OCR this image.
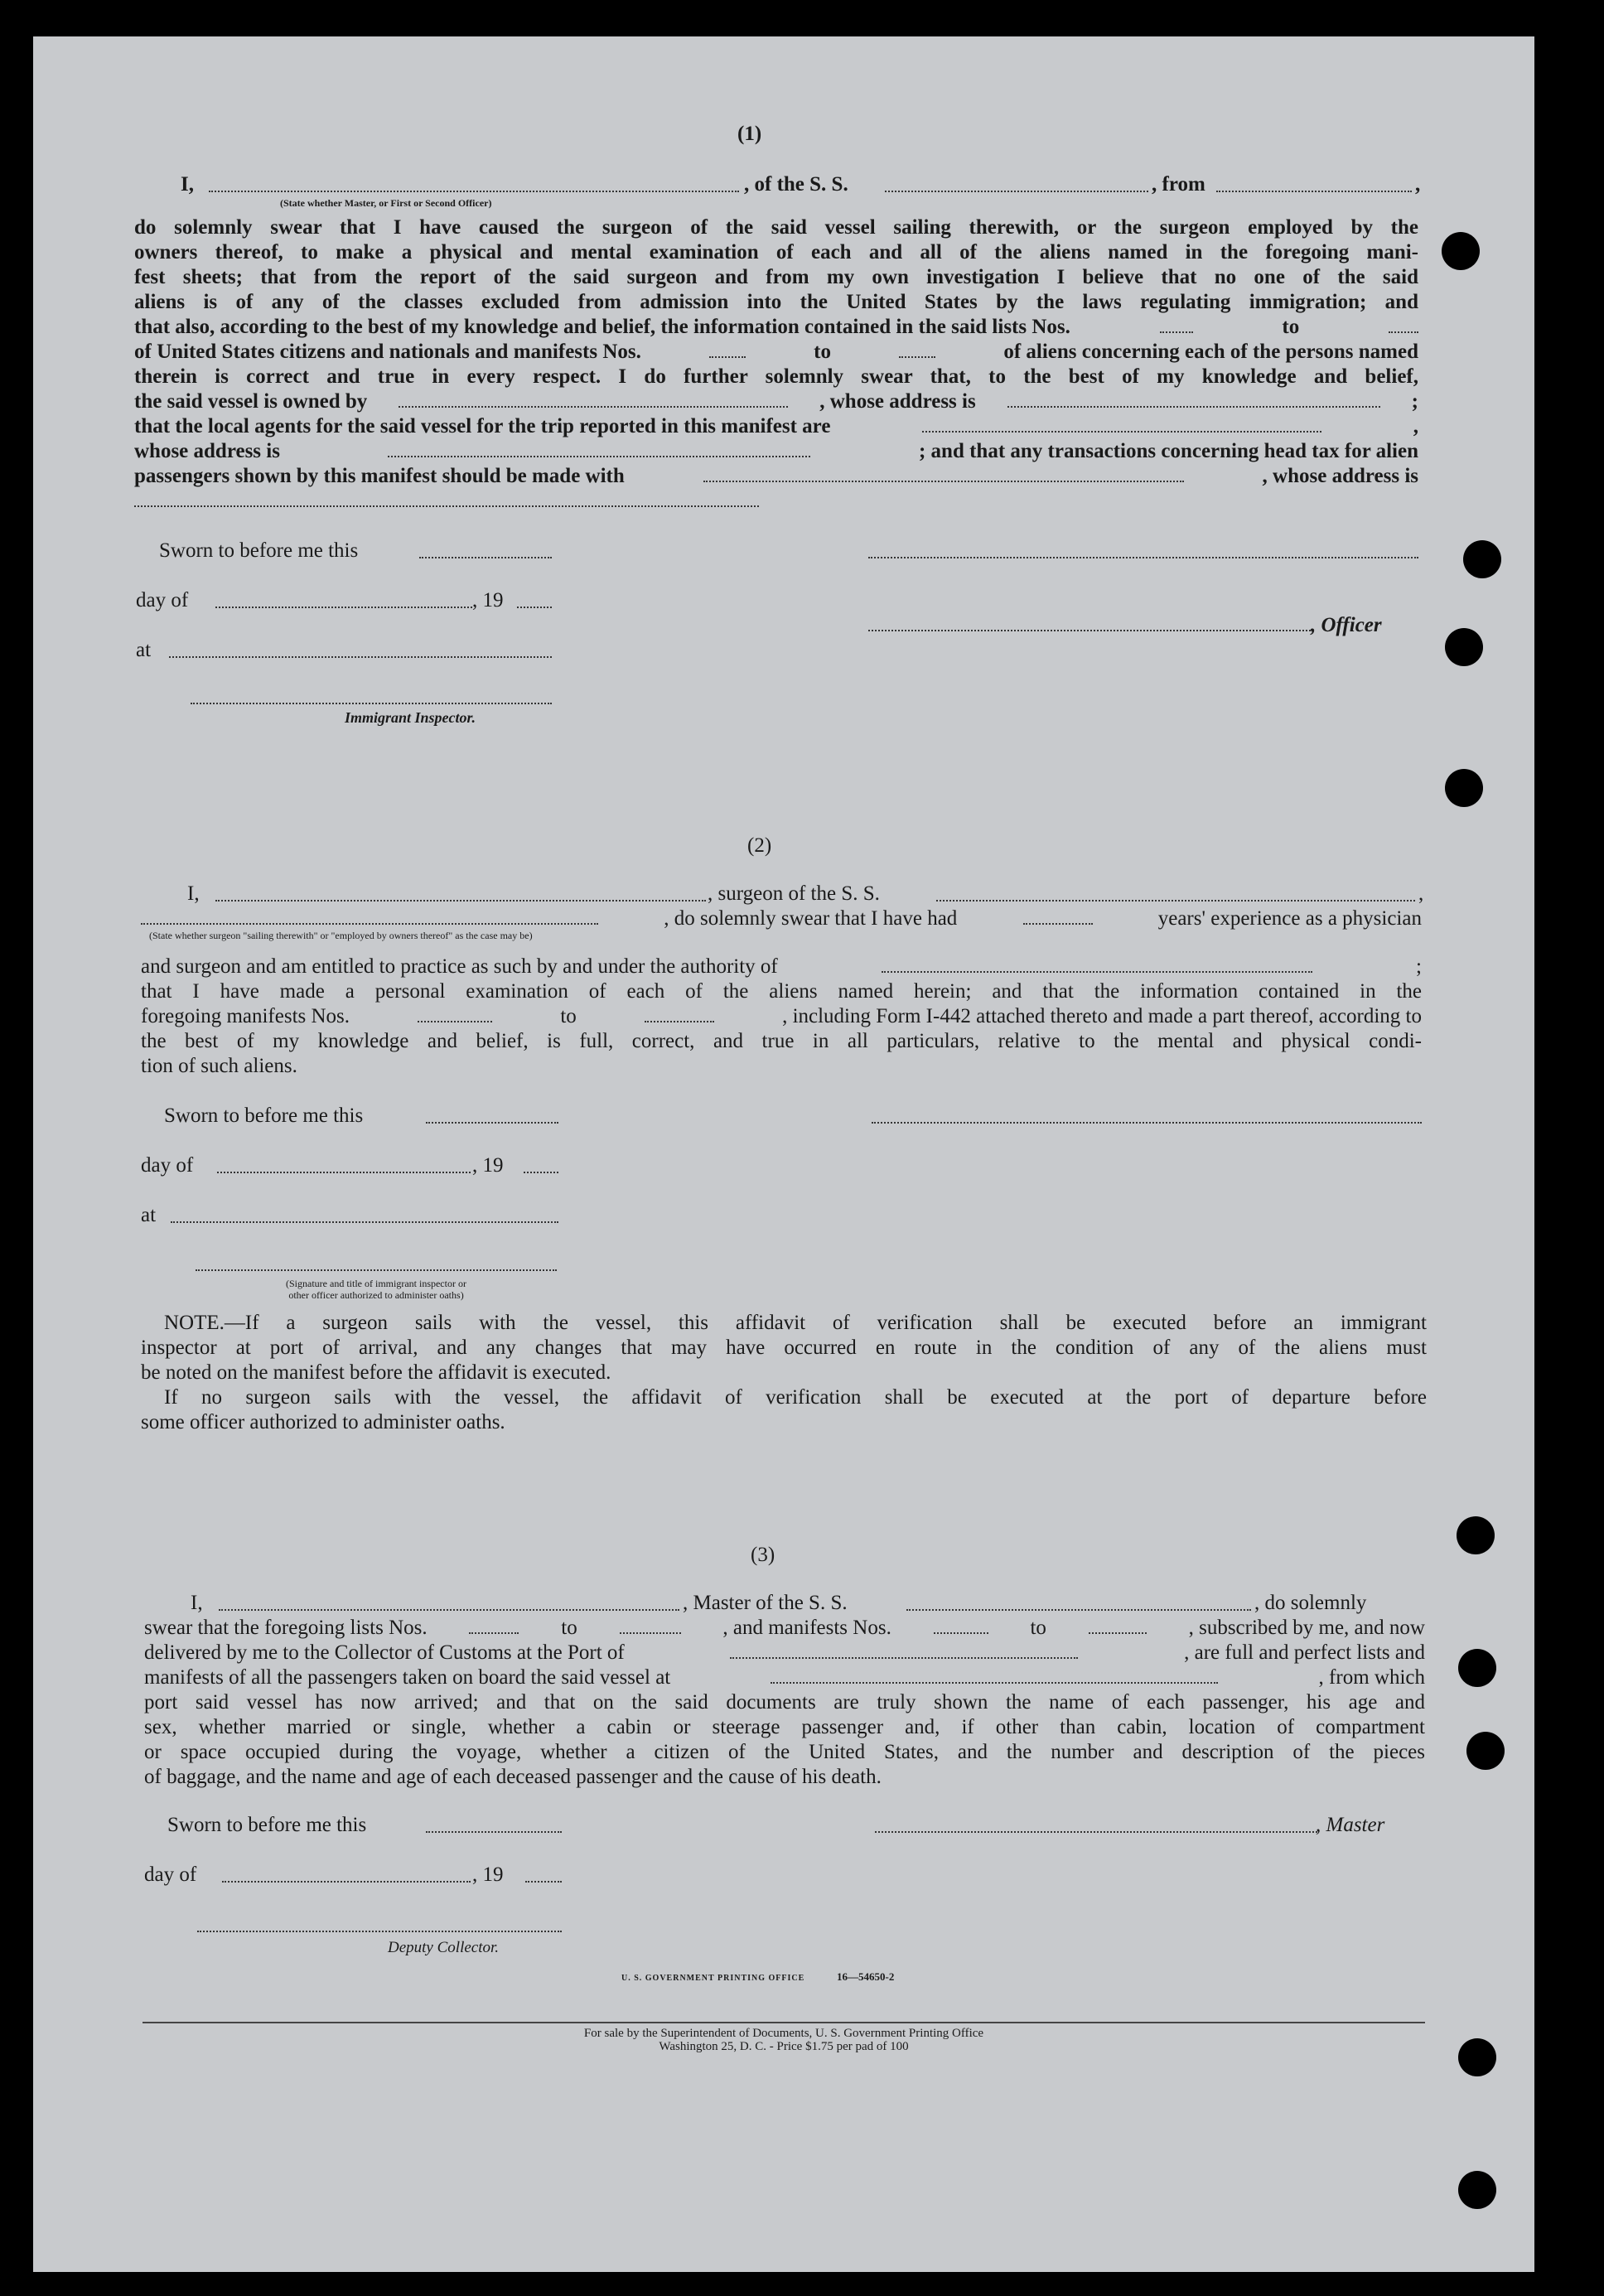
(1)
I,	, of the S. S.	, from	,
(State whether Master, or First or Second Officer)
do solemnly swear that I have caused the surgeon of the said vessel sailing therewith, or the surgeon employed by the
owners thereof, to make a physical and mental examination of each and all of the aliens named in the foregoing mani-
fest sheets; that from the report of the said surgeon and from my own investigation I believe that no one of the said
aliens is of any of the classes excluded from admission into the United States by the laws regulating immigration; and
that also, according to the best of my knowledge and belief, the information contained in the said lists Nos.	to
of United States citizens and nationals and manifests Nos.	to	of aliens concerning each of the persons named
therein is correct and true in every respect. I do further solemnly swear that, to the best of my knowledge and belief,
the said vessel is owned by	, whose address is	;
that the local agents for the said vessel for the trip reported in this manifest are	,
whose address is	; and that any transactions concerning head tax for alien
passengers shown by this manifest should be made with	, whose address is
Sworn to before me this
day of	, 19
at
, Officer
Immigrant Inspector.
(2)
I,	, surgeon of the S. S.	,
, do solemnly swear that I have had	years' experience as a physician
(State whether surgeon "sailing therewith" or "employed by owners thereof" as the case may be)
and surgeon and am entitled to practice as such by and under the authority of	;
that I have made a personal examination of each of the aliens named herein; and that the information contained in the
foregoing manifests Nos.	to	, including Form I-442 attached thereto and made a part thereof, according to
the best of my knowledge and belief, is full, correct, and true in all particulars, relative to the mental and physical condi-
tion of such aliens.
Sworn to before me this
day of	, 19
at
(Signature and title of immigrant inspector or
other officer authorized to administer oaths)
NOTE.—If a surgeon sails with the vessel, this affidavit of verification shall be executed before an immigrant
inspector at port of arrival, and any changes that may have occurred en route in the condition of any of the aliens must
be noted on the manifest before the affidavit is executed.
If no surgeon sails with the vessel, the affidavit of verification shall be executed at the port of departure before
some officer authorized to administer oaths.
(3)
I,	, Master of the S. S.	, do solemnly
swear that the foregoing lists Nos.	to	, and manifests Nos.	to	, subscribed by me, and now
delivered by me to the Collector of Customs at the Port of	, are full and perfect lists and
manifests of all the passengers taken on board the said vessel at	, from which
port said vessel has now arrived; and that on the said documents are truly shown the name of each passenger, his age and
sex, whether married or single, whether a cabin or steerage passenger and, if other than cabin, location of compartment
or space occupied during the voyage, whether a citizen of the United States, and the number and description of the pieces
of baggage, and the name and age of each deceased passenger and the cause of his death.
Sworn to before me this	, Master
day of	, 19
Deputy Collector.
U. S. GOVERNMENT PRINTING OFFICE	16—54650-2
For sale by the Superintendent of Documents, U. S. Government Printing Office
Washington 25, D. C. - Price $1.75 per pad of 100
